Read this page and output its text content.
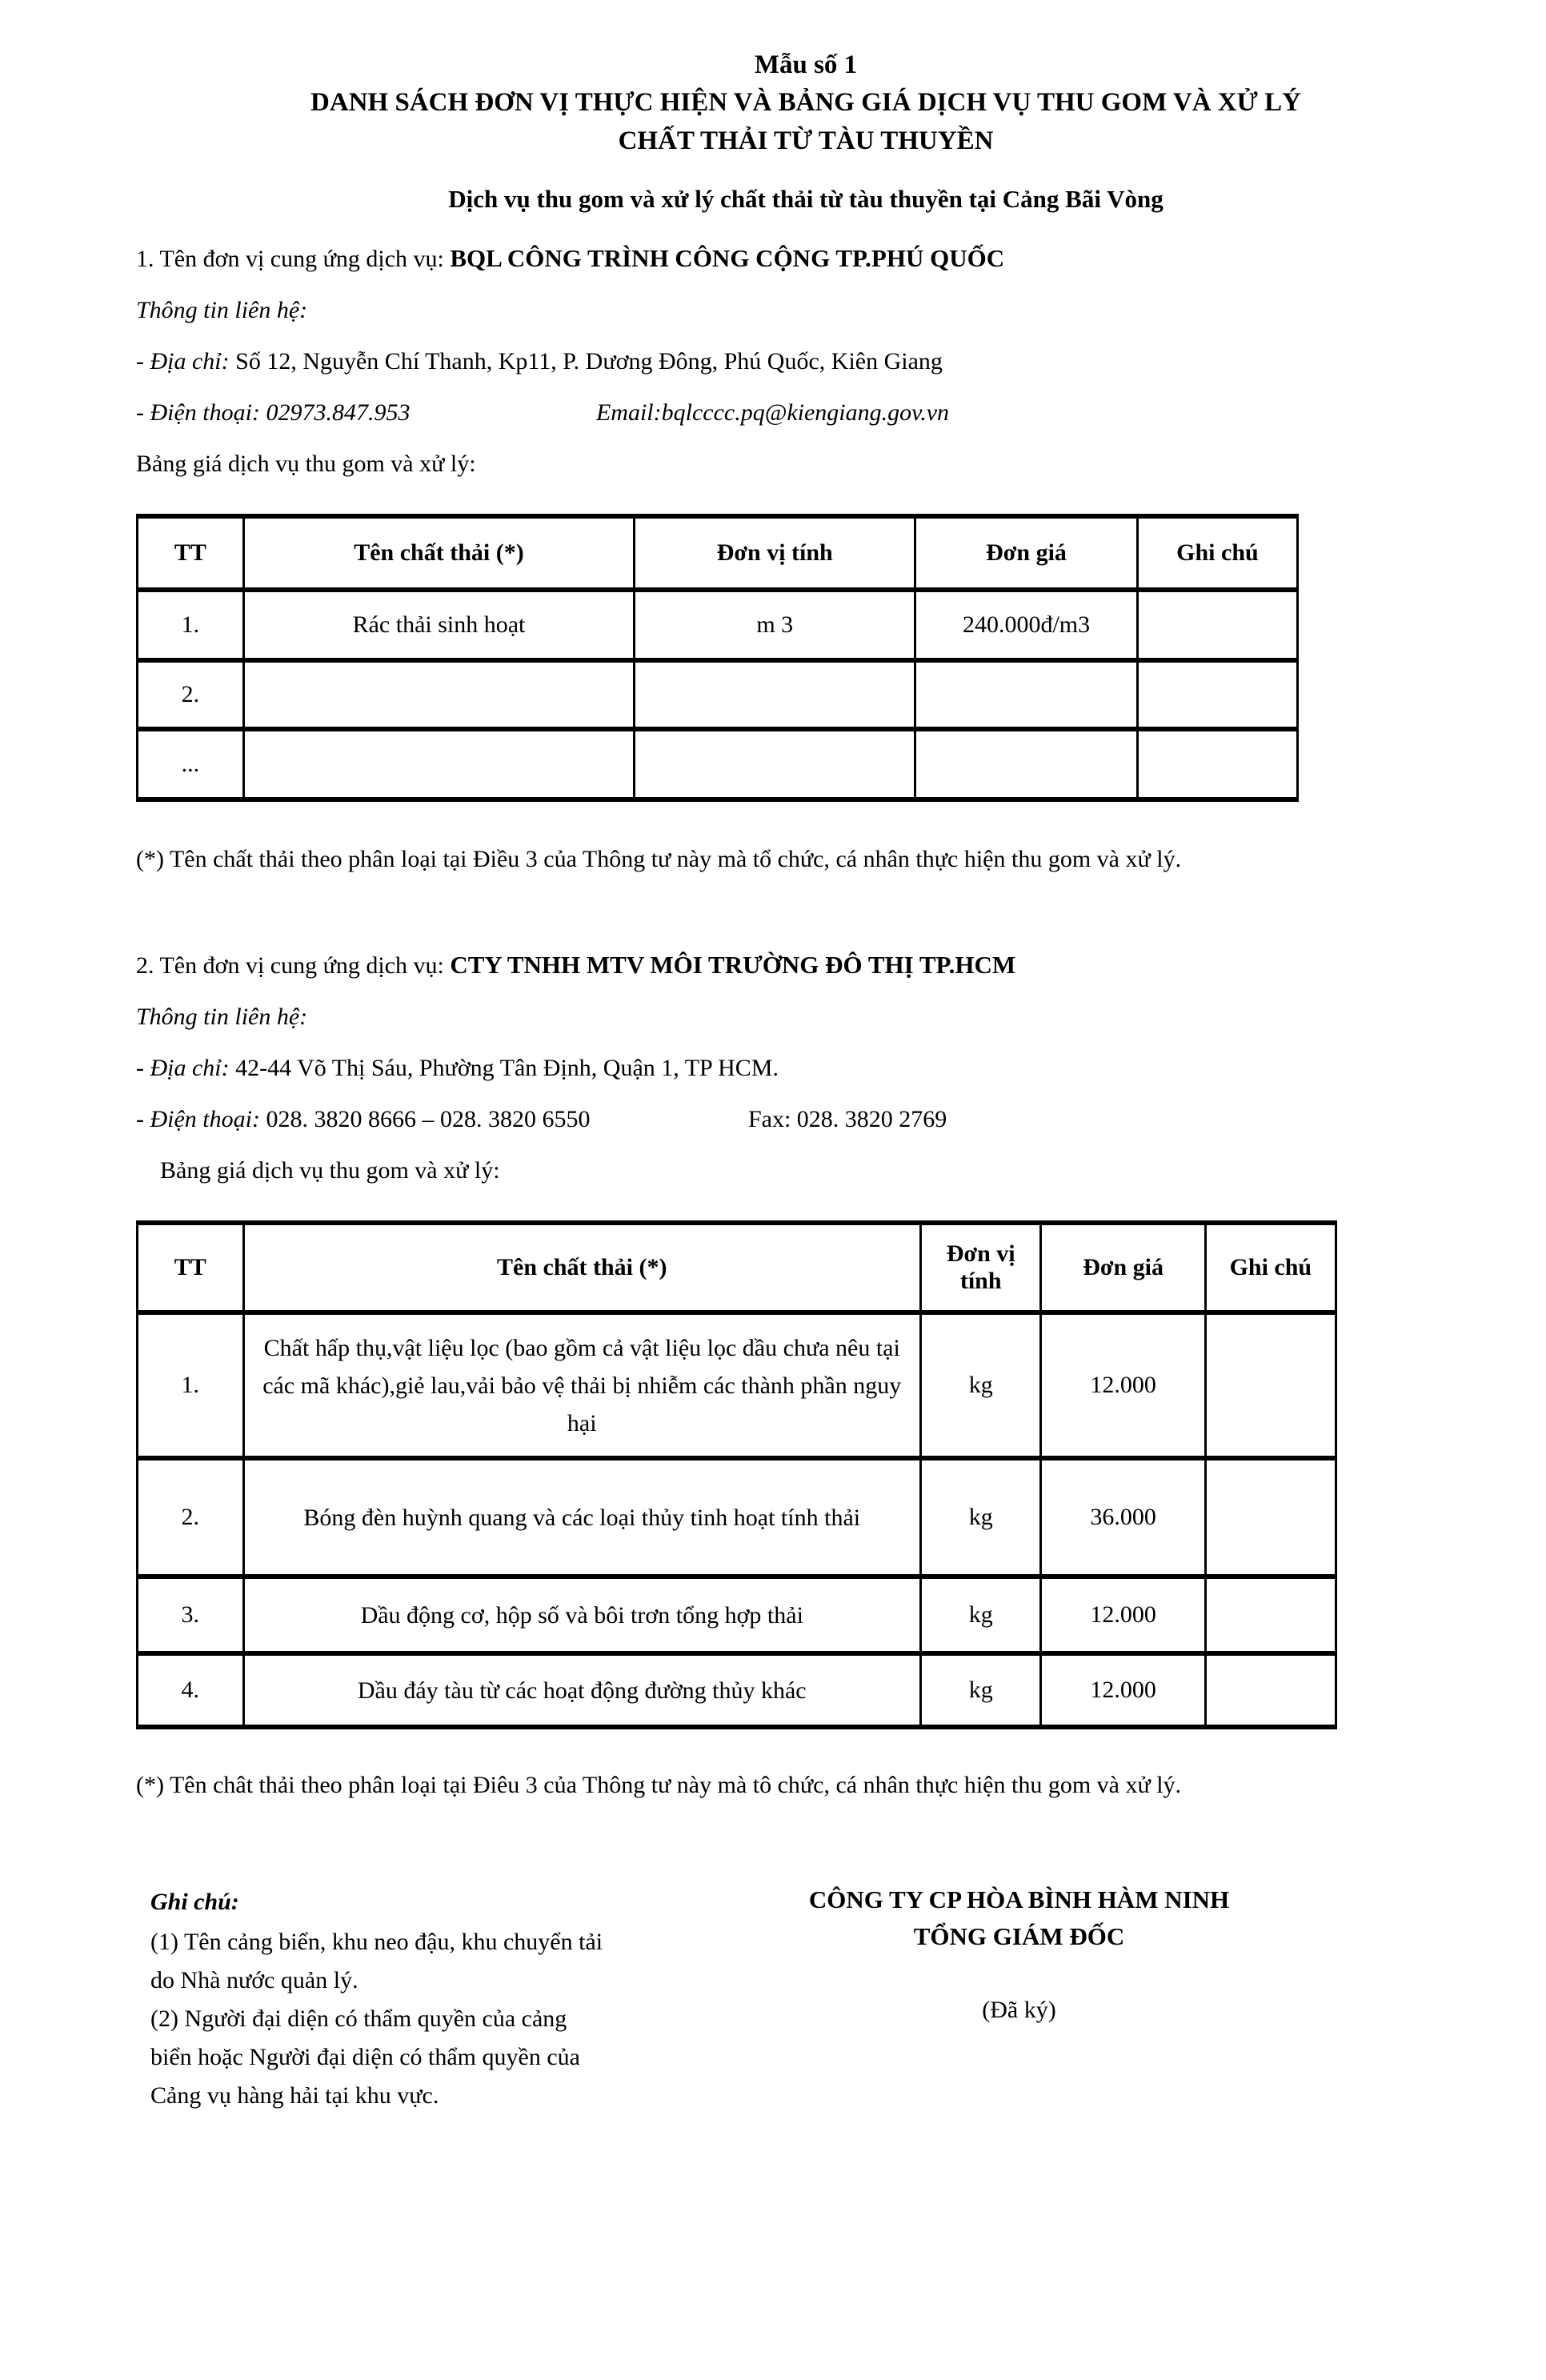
Mẫu số 1
DANH SÁCH ĐƠN VỊ THỰC HIỆN VÀ BẢNG GIÁ DỊCH VỤ THU GOM VÀ XỬ LÝ
CHẤT THẢI TỪ TÀU THUYỀN
Dịch vụ thu gom và xử lý chất thải từ tàu thuyền tại Cảng Bãi Vòng
1. Tên đơn vị cung ứng dịch vụ: BQL CÔNG TRÌNH CÔNG CỘNG TP.PHÚ QUỐC
Thông tin liên hệ:
- Địa chỉ: Số 12, Nguyễn Chí Thanh, Kp11, P. Dương Đông, Phú Quốc, Kiên Giang
- Điện thoại: 02973.847.953	Email:bqlcccc.pq@kiengiang.gov.vn
Bảng giá dịch vụ thu gom và xử lý:
TT	Tên chất thải (*)	Đơn vị tính	Đơn giá	Ghi chú
1.	Rác thải sinh hoạt	m 3	240.000đ/m3	
2.				
...				
(*) Tên chất thải theo phân loại tại Điều 3 của Thông tư này mà tổ chức, cá nhân thực hiện thu gom và xử lý.
2. Tên đơn vị cung ứng dịch vụ: CTY TNHH MTV MÔI TRƯỜNG ĐÔ THỊ TP.HCM
Thông tin liên hệ:
- Địa chỉ: 42-44 Võ Thị Sáu, Phường Tân Định, Quận 1, TP HCM.
- Điện thoại: 028. 3820 8666 – 028. 3820 6550	Fax: 028. 3820 2769
Bảng giá dịch vụ thu gom và xử lý:
TT	Tên chất thải (*)	Đơn vị tính	Đơn giá	Ghi chú
1.	Chất hấp thụ,vật liệu lọc (bao gồm cả vật liệu lọc dầu chưa nêu tại các mã khác),giẻ lau,vải bảo vệ thải bị nhiễm các thành phần nguy hại	kg	12.000	
2.	Bóng đèn huỳnh quang và các loại thủy tinh hoạt tính thải	kg	36.000	
3.	Dầu động cơ, hộp số và bôi trơn tổng hợp thải	kg	12.000	
4.	Dầu đáy tàu từ các hoạt động đường thủy khác	kg	12.000	
(*) Tên chât thải theo phân loại tại Điêu 3 của Thông tư này mà tô chức, cá nhân thực hiện thu gom và xử lý.
Ghi chú:
(1) Tên cảng biển, khu neo đậu, khu chuyển tải do Nhà nước quản lý.
(2) Người đại diện có thẩm quyền của cảng biển hoặc Người đại diện có thẩm quyền của Cảng vụ hàng hải tại khu vực.
CÔNG TY CP HÒA BÌNH HÀM NINH
TỔNG GIÁM ĐỐC
(Đã ký)
